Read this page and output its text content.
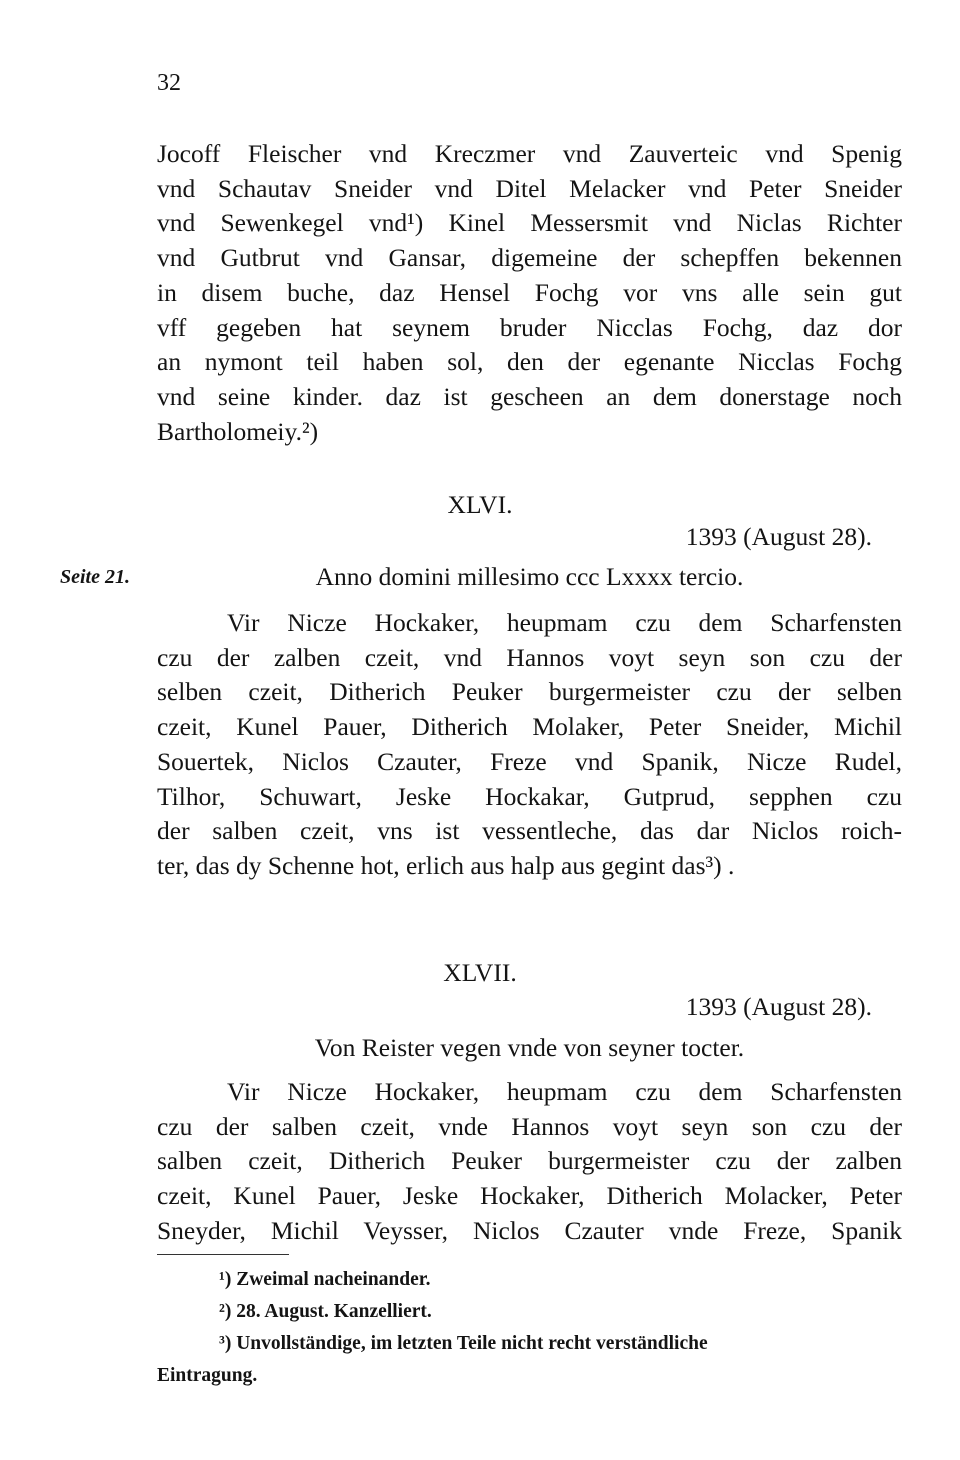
32
Jocoff Fleischer vnd Kreczmer vnd Zauverteic vnd Spenig
vnd Schautav Sneider vnd Ditel Melacker vnd Peter Sneider
vnd Sewenkegel vnd¹) Kinel Messersmit vnd Niclas Richter
vnd Gutbrut vnd Gansar, digemeine der schepffen bekennen
in disem buche, daz Hensel Fochg vor vns alle sein gut
vff gegeben hat seynem bruder Nicclas Fochg, daz dor
an nymont teil haben sol, den der egenante Nicclas Fochg
vnd seine kinder. daz ist gescheen an dem donerstage noch
Bartholomeiy.²)
XLVI.
1393 (August 28).
Seite 21.	Anno domini millesimo ccc Lxxxx tercio.
Vir Nicze Hockaker, heupmam czu dem Scharfensten
czu der zalben czeit, vnd Hannos voyt seyn son czu der
selben czeit, Ditherich Peuker burgermeister czu der selben
czeit, Kunel Pauer, Ditherich Molaker, Peter Sneider, Michil
Souertek, Niclos Czauter, Freze vnd Spanik, Nicze Rudel,
Tilhor, Schuwart, Jeske Hockakar, Gutprud, sepphen czu
der salben czeit, vns ist vessentleche, das dar Niclos roich-
ter, das dy Schenne hot, erlich aus halp aus gegint das³) .
XLVII.
1393 (August 28).
Von Reister vegen vnde von seyner tocter.
Vir Nicze Hockaker, heupmam czu dem Scharfensten
czu der salben czeit, vnde Hannos voyt seyn son czu der
salben czeit, Ditherich Peuker burgermeister czu der zalben
czeit, Kunel Pauer, Jeske Hockaker, Ditherich Molacker, Peter
Sneyder, Michil Veysser, Niclos Czauter vnde Freze, Spanik
¹) Zweimal nacheinander.
²) 28. August. Kanzelliert.
³) Unvollständige, im letzten Teile nicht recht verständliche
Eintragung.
